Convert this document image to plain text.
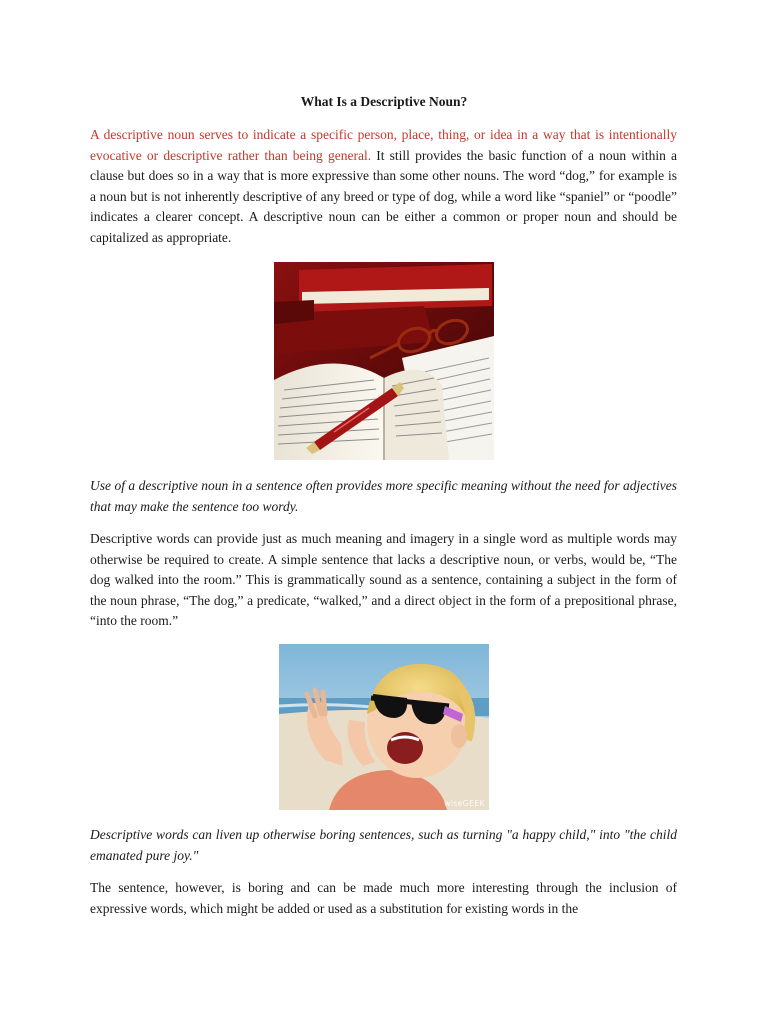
What Is a Descriptive Noun?

A descriptive noun serves to indicate a specific person, place, thing, or idea in a way that is intentionally evocative or descriptive rather than being general. It still provides the basic function of a noun within a clause but does so in a way that is more expressive than some other nouns. The word “dog,” for example is a noun but is not inherently descriptive of any breed or type of dog, while a word like “spaniel” or “poodle” indicates a clearer concept. A descriptive noun can be either a common or proper noun and should be capitalized as appropriate.

Use of a descriptive noun in a sentence often provides more specific meaning without the need for adjectives that may make the sentence too wordy.

Descriptive words can provide just as much meaning and imagery in a single word as multiple words may otherwise be required to create. A simple sentence that lacks a descriptive noun, or verbs, would be, “The dog walked into the room.” This is grammatically sound as a sentence, containing a subject in the form of the noun phrase, “The dog,” a predicate, “walked,” and a direct object in the form of a prepositional phrase, “into the room.”

wiseGEEK

Descriptive words can liven up otherwise boring sentences, such as turning "a happy child," into "the child emanated pure joy."

The sentence, however, is boring and can be made much more interesting through the inclusion of expressive words, which might be added or used as a substitution for existing words in the
